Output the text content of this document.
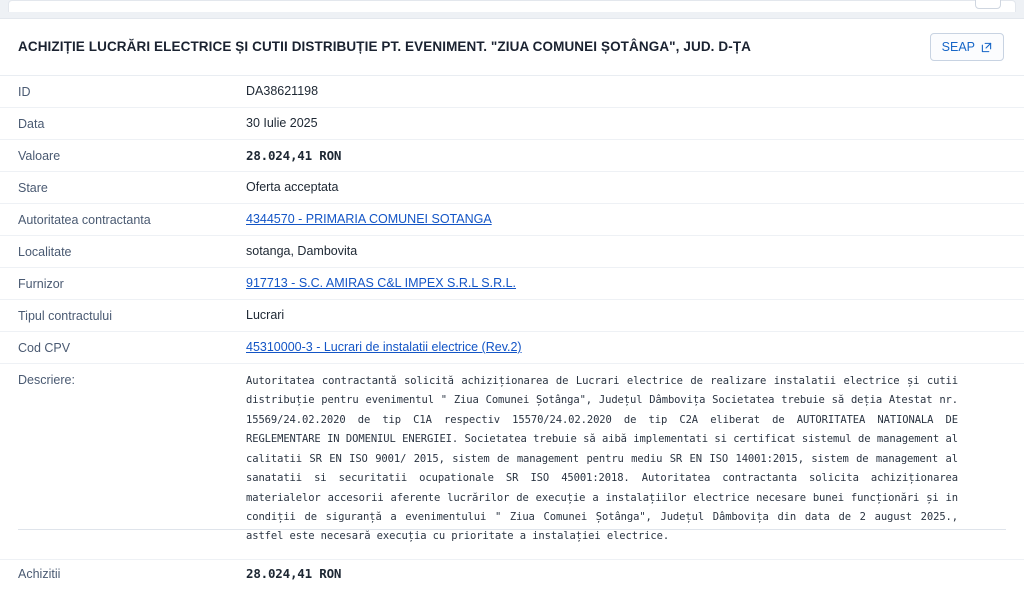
ACHIZIȚIE LUCRĂRI ELECTRICE ȘI CUTII DISTRIBUȚIE PT. EVENIMENT. "ZIUA COMUNEI ȘOTÂNGA", JUD. D-ȚA	SEAP
ID	DA38621198
Data	30 Iulie 2025
Valoare	28.024,41 RON
Stare	Oferta acceptata
Autoritatea contractanta	4344570 - PRIMARIA COMUNEI SOTANGA
Localitate	sotanga, Dambovita
Furnizor	917713 - S.C. AMIRAS C&L IMPEX S.R.L S.R.L.
Tipul contractului	Lucrari
Cod CPV	45310000-3 - Lucrari de instalatii electrice (Rev.2)
Descriere:	Autoritatea contractantă solicită achiziționarea de Lucrari electrice de realizare instalatii electrice și cutii distribuție pentru evenimentul " Ziua Comunei Șotânga", Județul Dâmbovița Societatea trebuie să deția Atestat nr. 15569/24.02.2020 de tip C1A respectiv 15570/24.02.2020 de tip C2A eliberat de AUTORITATEA NATIONALA DE REGLEMENTARE IN DOMENIUL ENERGIEI. Societatea trebuie să aibă implementati si certificat sistemul de management al calitatii SR EN ISO 9001/ 2015, sistem de management pentru mediu SR EN ISO 14001:2015, sistem de management al sanatatii si securitatii ocupationale SR ISO 45001:2018. Autoritatea contractanta solicita achiziționarea materialelor accesorii aferente lucrărilor de execuție a instalațiilor electrice necesare bunei funcționări și in condiții de siguranță a evenimentului " Ziua Comunei Șotânga", Județul Dâmbovița din data de 2 august 2025., astfel este necesară execuția cu prioritate a instalației electrice.
Achizitii	28.024,41 RON
